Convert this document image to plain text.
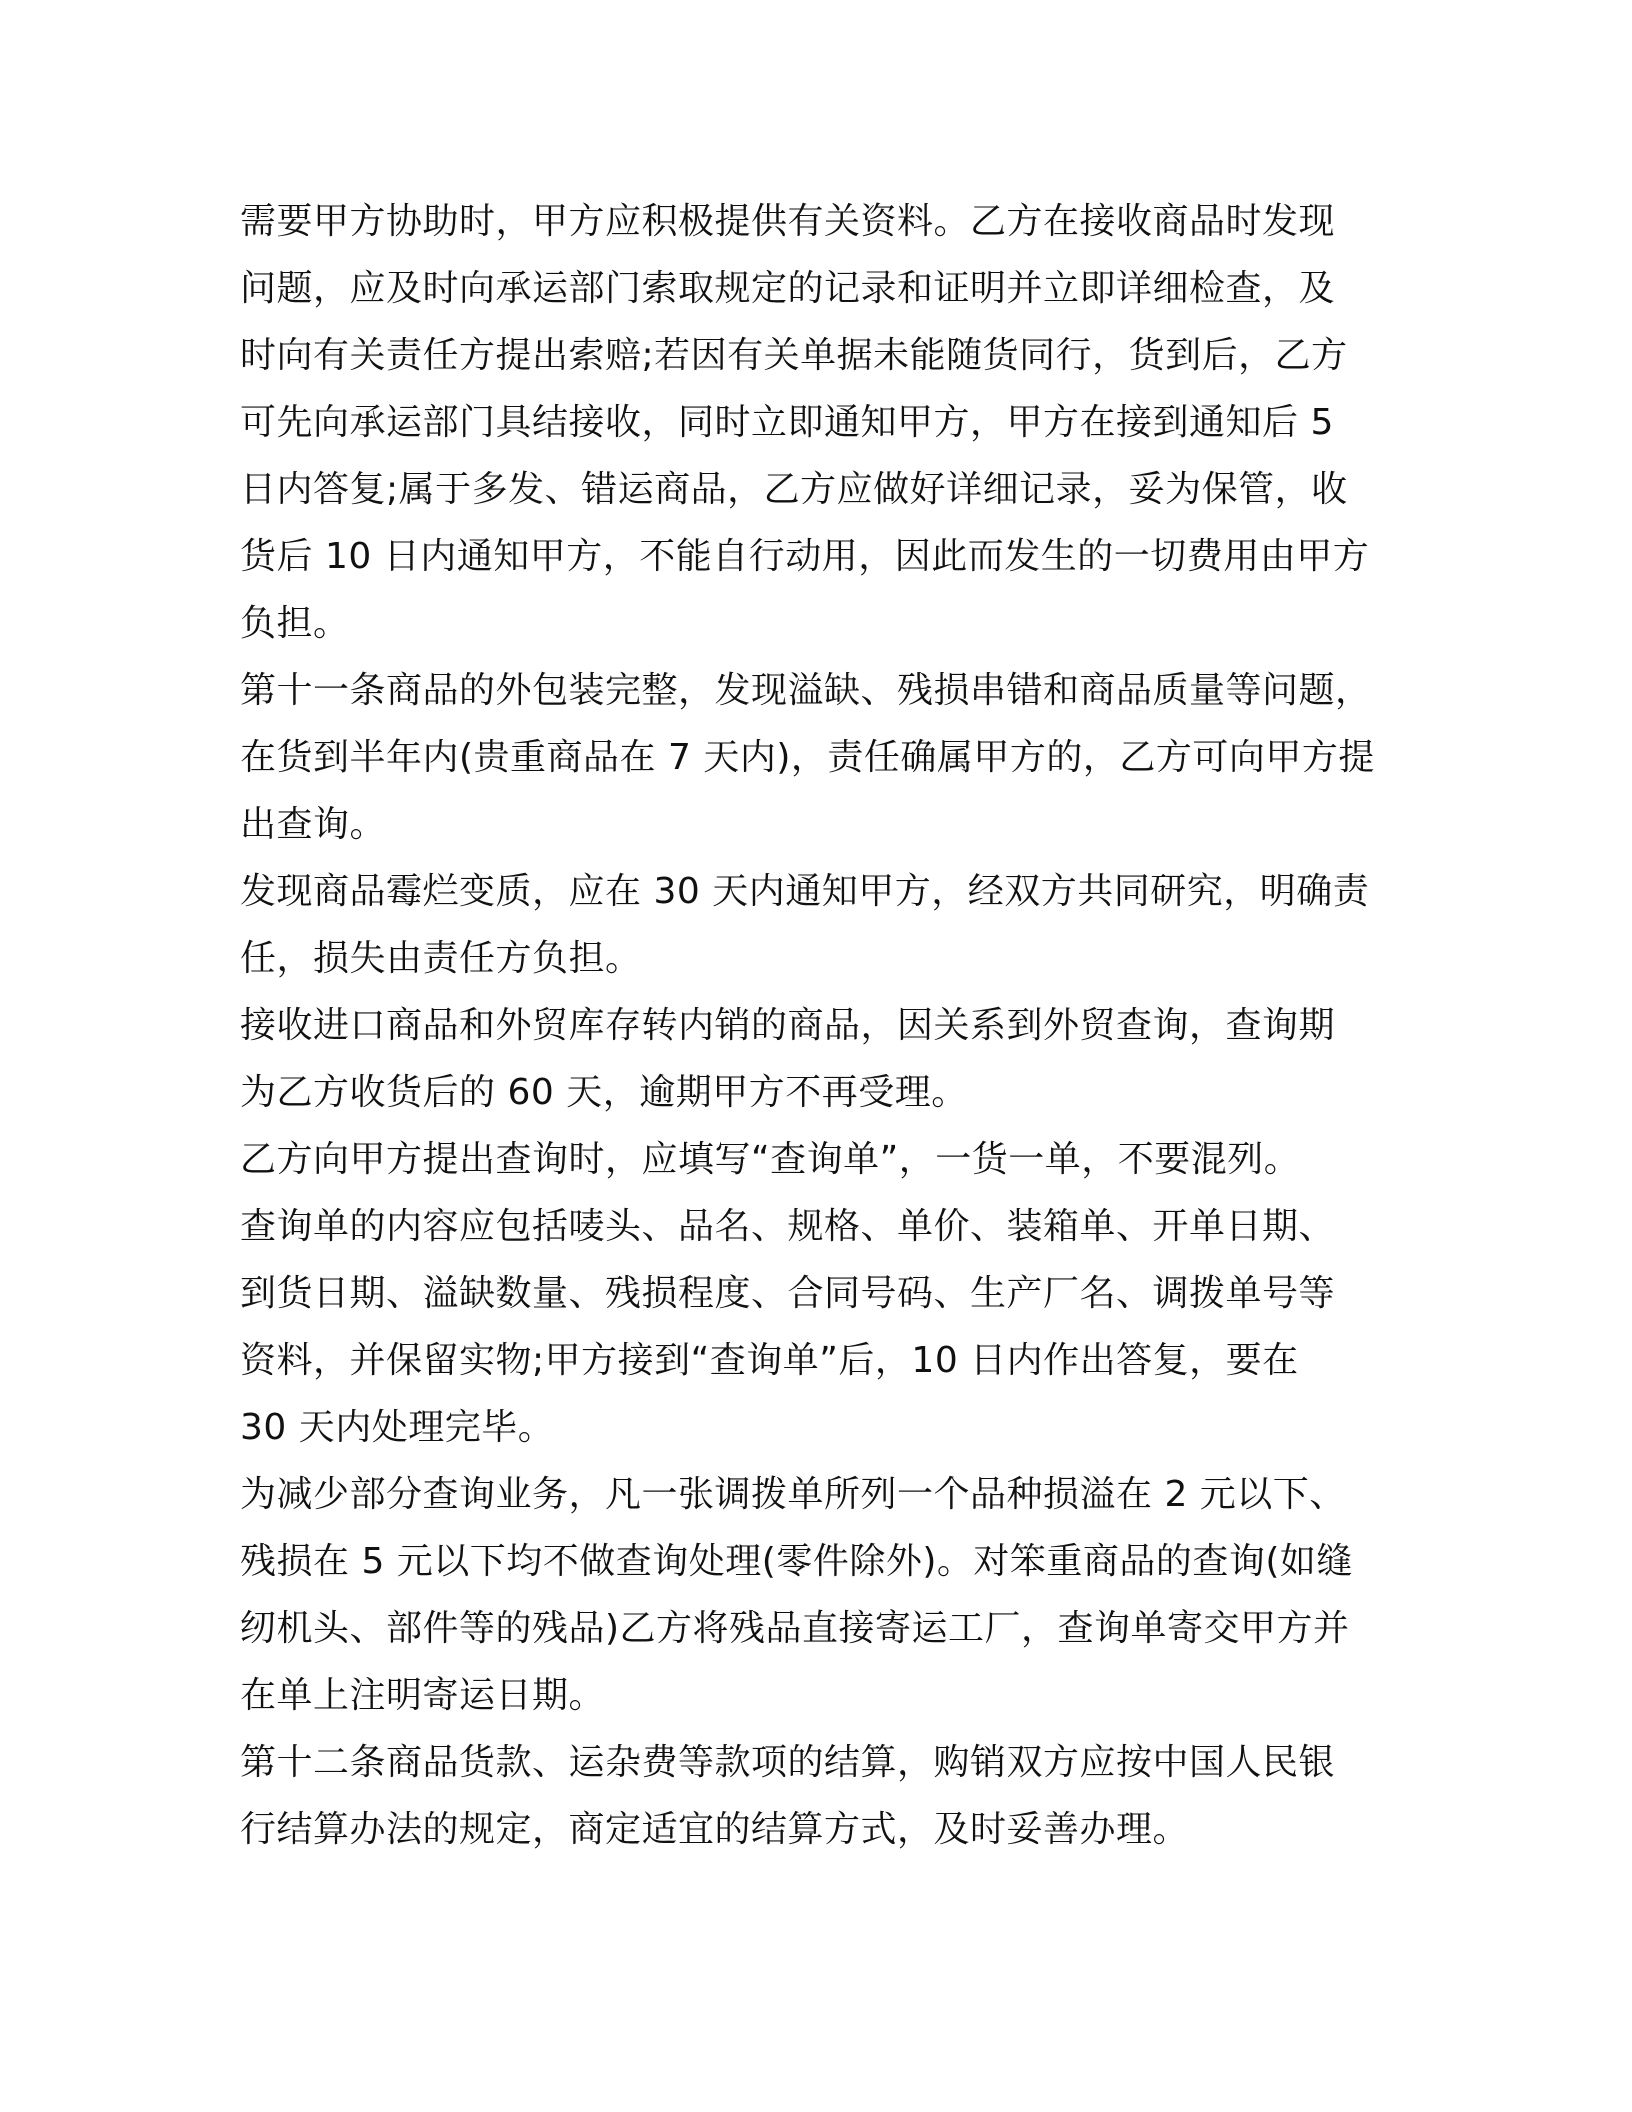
需要甲方协助时，甲方应积极提供有关资料。乙方在接收商品时发现
问题，应及时向承运部门索取规定的记录和证明并立即详细检查，及
时向有关责任方提出索赔;若因有关单据未能随货同行，货到后，乙方
可先向承运部门具结接收，同时立即通知甲方，甲方在接到通知后 5
日内答复;属于多发、错运商品，乙方应做好详细记录，妥为保管，收
货后 10 日内通知甲方，不能自行动用，因此而发生的一切费用由甲方
负担。
第十一条商品的外包装完整，发现溢缺、残损串错和商品质量等问题，
在货到半年内(贵重商品在 7 天内)，责任确属甲方的，乙方可向甲方提
出查询。
发现商品霉烂变质，应在 30 天内通知甲方，经双方共同研究，明确责
任，损失由责任方负担。
接收进口商品和外贸库存转内销的商品，因关系到外贸查询，查询期
为乙方收货后的 60 天，逾期甲方不再受理。
乙方向甲方提出查询时，应填写“查询单”，一货一单，不要混列。
查询单的内容应包括唛头、品名、规格、单价、装箱单、开单日期、
到货日期、溢缺数量、残损程度、合同号码、生产厂名、调拨单号等
资料，并保留实物;甲方接到“查询单”后，10 日内作出答复，要在
30 天内处理完毕。
为减少部分查询业务，凡一张调拨单所列一个品种损溢在 2 元以下、
残损在 5 元以下均不做查询处理(零件除外)。对笨重商品的查询(如缝
纫机头、部件等的残品)乙方将残品直接寄运工厂，查询单寄交甲方并
在单上注明寄运日期。
第十二条商品货款、运杂费等款项的结算，购销双方应按中国人民银
行结算办法的规定，商定适宜的结算方式，及时妥善办理。
